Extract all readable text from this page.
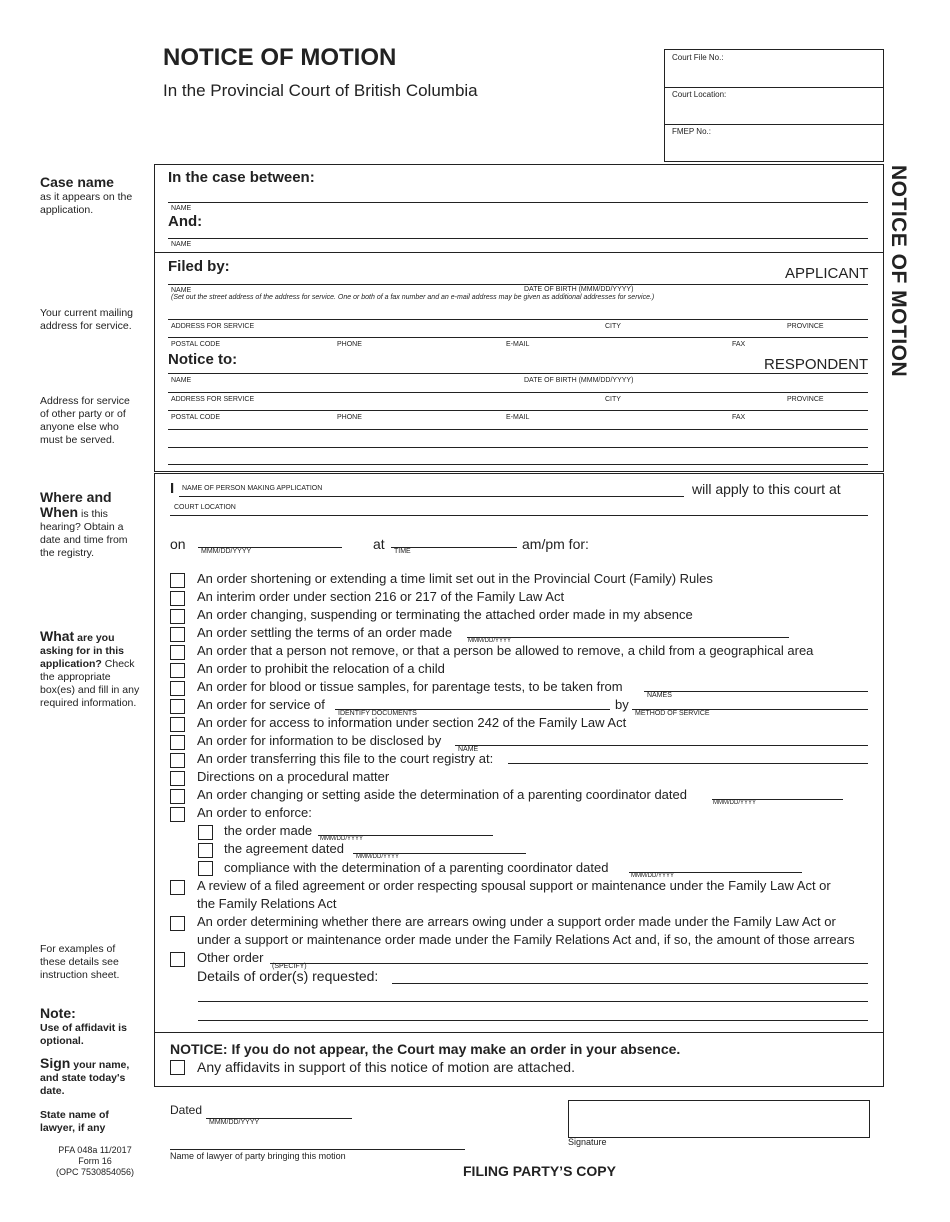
NOTICE OF MOTION
In the Provincial Court of British Columbia
NOTICE OF MOTION
Court File No.:
Court Location:
FMEP No.:
Case name
as it appears on the application.
Your current mailing address for service.
Address for service of other party or of anyone else who must be served.
Where and
When is this hearing? Obtain a date and time from the registry.
What are you asking for in this application? Check the appropriate box(es) and fill in any required information.
For examples of these details see instruction sheet.
Note:
Use of affidavit is optional.
Sign your name, and state today's date.
State name of lawyer, if any
PFA 048a 11/2017
Form 16
(OPC 7530854056)
In the case between:
NAME
And:
NAME
Filed by:	APPLICANT
NAME	DATE OF BIRTH (MMM/DD/YYYY)
(Set out the street address of the address for service. One or both of a fax number and an e-mail address may be given as additional addresses for service.)
ADDRESS FOR SERVICE	CITY	PROVINCE
POSTAL CODE	PHONE	E-MAIL	FAX
Notice to:	RESPONDENT
NAME	DATE OF BIRTH (MMM/DD/YYYY)
ADDRESS FOR SERVICE	CITY	PROVINCE
POSTAL CODE	PHONE	E-MAIL	FAX
I NAME OF PERSON MAKING APPLICATION	will apply to this court at
COURT LOCATION
on MMM/DD/YYYY	at TIME	am/pm for:
An order shortening or extending a time limit set out in the Provincial Court (Family) Rules
An interim order under section 216 or 217 of the Family Law Act
An order changing, suspending or terminating the attached order made in my absence
An order settling the terms of an order made
MMM/DD/YYYY
An order that a person not remove, or that a person be allowed to remove, a child from a geographical area
An order to prohibit the relocation of a child
An order for blood or tissue samples, for parentage tests, to be taken from
NAMES
An order for service of
IDENTIFY DOCUMENTS
by
METHOD OF SERVICE
An order for access to information under section 242 of the Family Law Act
An order for information to be disclosed by
NAME
An order transferring this file to the court registry at:
Directions on a procedural matter
An order changing or setting aside the determination of a parenting coordinator dated
MMM/DD/YYYY
An order to enforce:
the order made
MMM/DD/YYYY
the agreement dated
MMM/DD/YYYY
compliance with the determination of a parenting coordinator dated
MMM/DD/YYYY
A review of a filed agreement or order respecting spousal support or maintenance under the Family Law Act or
the Family Relations Act
An order determining whether there are arrears owing under a support order made under the Family Law Act or
under a support or maintenance order made under the Family Relations Act and, if so, the amount of those arrears
Other order
(SPECIFY)
Details of order(s) requested:
NOTICE: If you do not appear, the Court may make an order in your absence.
Any affidavits in support of this notice of motion are attached.
Dated
MMM/DD/YYYY
Signature
Name of lawyer of party bringing this motion
FILING PARTY’S COPY
